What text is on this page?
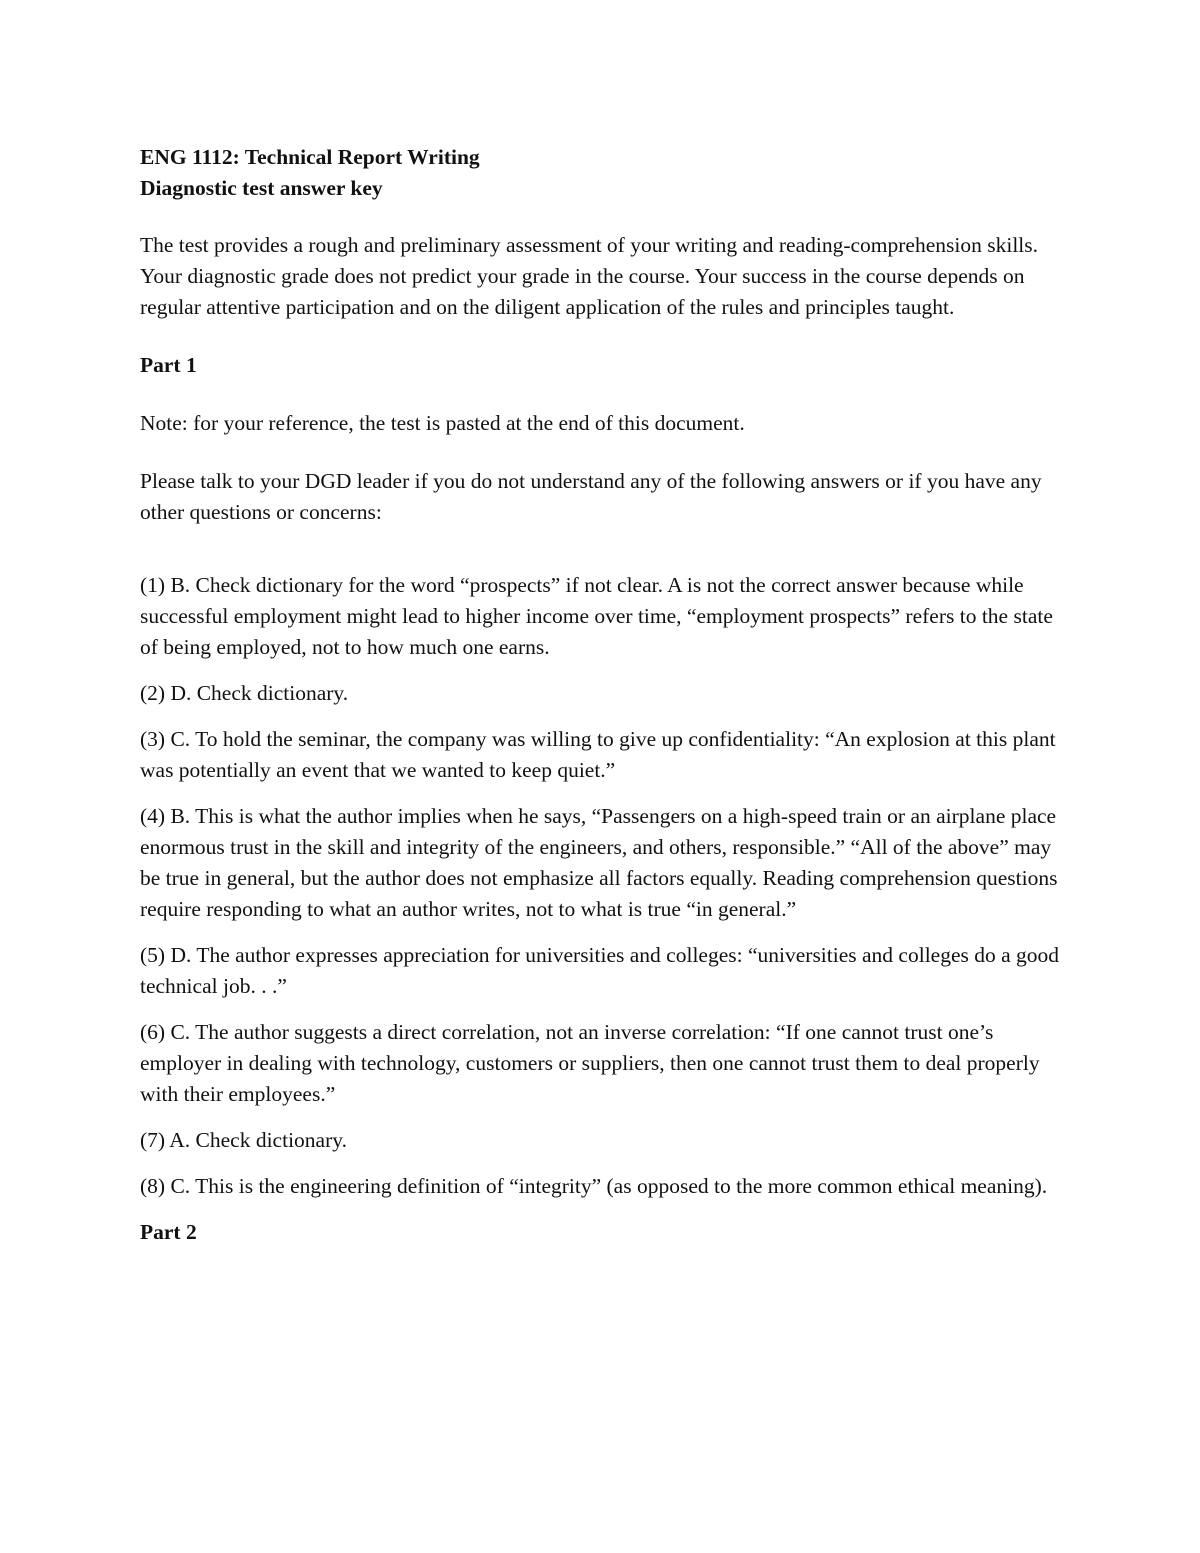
ENG 1112: Technical Report Writing

Diagnostic test answer key

The test provides a rough and preliminary assessment of your writing and reading-comprehension skills. Your diagnostic grade does not predict your grade in the course. Your success in the course depends on regular attentive participation and on the diligent application of the rules and principles taught.

Part 1

Note: for your reference, the test is pasted at the end of this document.

Please talk to your DGD leader if you do not understand any of the following answers or if you have any other questions or concerns:

(1) B. Check dictionary for the word “prospects” if not clear. A is not the correct answer because while successful employment might lead to higher income over time, “employment prospects” refers to the state of being employed, not to how much one earns.
(2) D. Check dictionary.
(3) C. To hold the seminar, the company was willing to give up confidentiality: “An explosion at this plant was potentially an event that we wanted to keep quiet.”
(4) B. This is what the author implies when he says, “Passengers on a high-speed train or an airplane place enormous trust in the skill and integrity of the engineers, and others, responsible.” “All of the above” may be true in general, but the author does not emphasize all factors equally. Reading comprehension questions require responding to what an author writes, not to what is true “in general.”
(5) D. The author expresses appreciation for universities and colleges: “universities and colleges do a good technical job. . .”
(6) C. The author suggests a direct correlation, not an inverse correlation: “If one cannot trust one’s employer in dealing with technology, customers or suppliers, then one cannot trust them to deal properly with their employees.”
(7) A. Check dictionary.
(8) C. This is the engineering definition of “integrity” (as opposed to the more common ethical meaning).

Part 2
